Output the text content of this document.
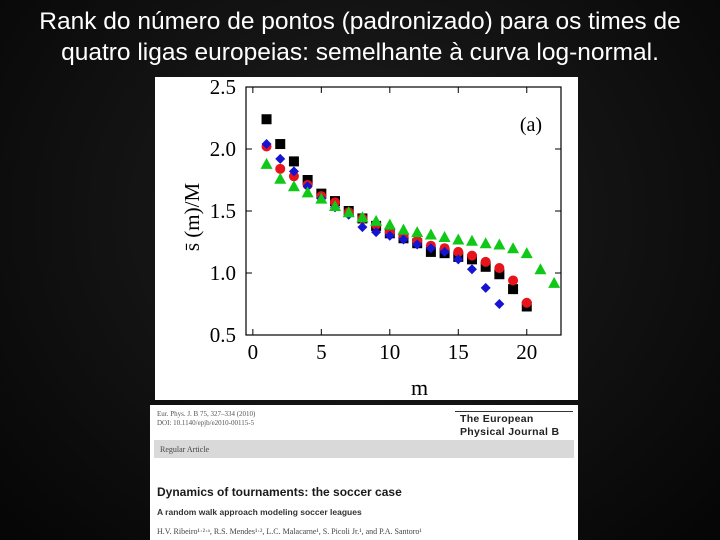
Rank do número de pontos (padronizado) para os times de
quatro ligas europeias: semelhante à curva log-normal.
0	5	10 15 20
0.5
1.0
1.5
2.0
2.5
m
s̄ (m)/M
(a)
Eur. Phys. J. B 75, 327–334 (2010)
DOI: 10.1140/epjb/e2010-00115-5	The European
Physical Journal B
Regular Article
Dynamics of tournaments: the soccer case
A random walk approach modeling soccer leagues
H.V. Ribeiro¹·²·ᵃ, R.S. Mendes¹·², L.C. Malacarne¹, S. Picoli Jr.¹, and P.A. Santoro¹
